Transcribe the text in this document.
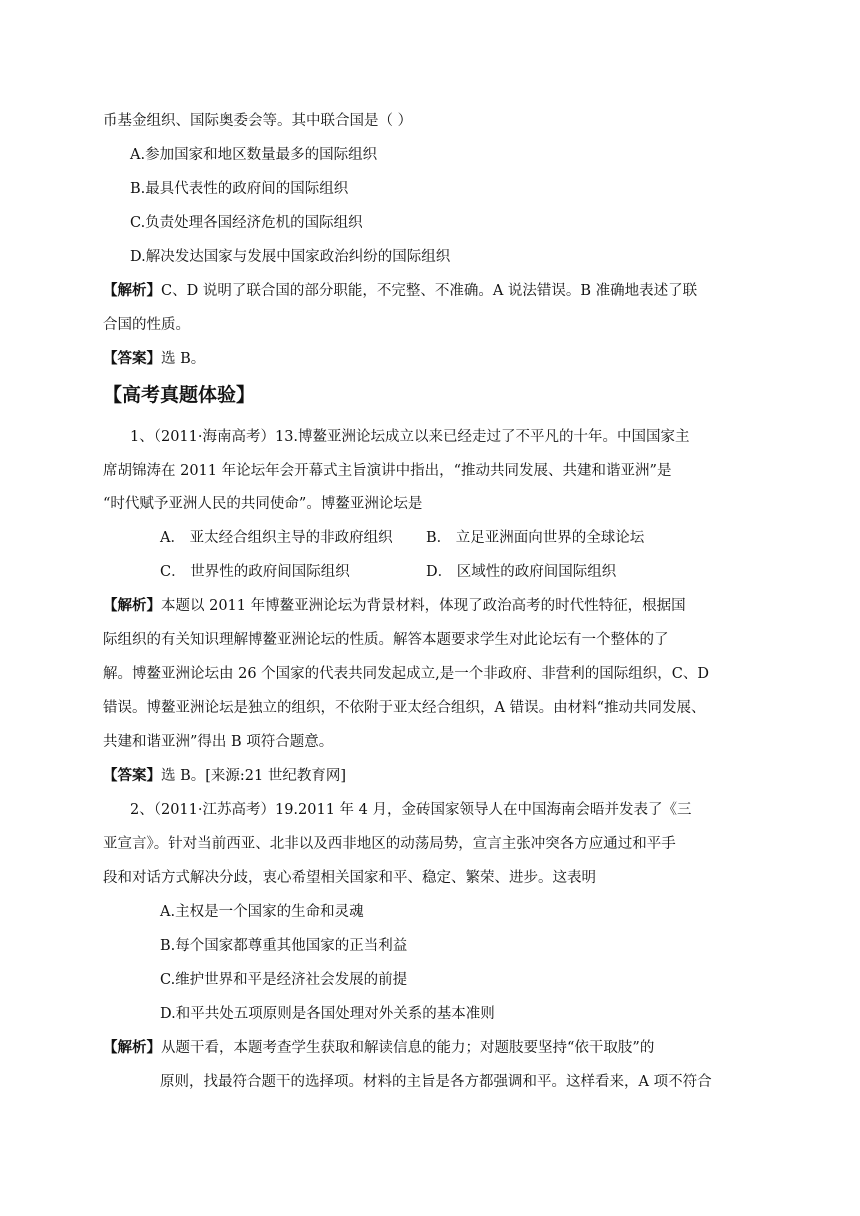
币基金组织、国际奥委会等。其中联合国是（ ）
A.参加国家和地区数量最多的国际组织
B.最具代表性的政府间的国际组织
C.负责处理各国经济危机的国际组织
D.解决发达国家与发展中国家政治纠纷的国际组织
【解析】C、D 说明了联合国的部分职能，不完整、不准确。A 说法错误。B 准确地表述了联
合国的性质。
【答案】选 B。
【高考真题体验】
1、（2011·海南高考）13.博鳌亚洲论坛成立以来已经走过了不平凡的十年。中国国家主
席胡锦涛在 2011 年论坛年会开幕式主旨演讲中指出，“推动共同发展、共建和谐亚洲”是
“时代赋予亚洲人民的共同使命”。博鳌亚洲论坛是
A． 亚太经合组织主导的非政府组织 B． 立足亚洲面向世界的全球论坛
C． 世界性的政府间国际组织	D． 区域性的政府间国际组织
【解析】本题以 2011 年博鳌亚洲论坛为背景材料，体现了政治高考的时代性特征，根据国
际组织的有关知识理解博鳌亚洲论坛的性质。解答本题要求学生对此论坛有一个整体的了
解。博鳌亚洲论坛由 26 个国家的代表共同发起成立,是一个非政府、非营利的国际组织，C、D
错误。博鳌亚洲论坛是独立的组织，不依附于亚太经合组织，A 错误。由材料“推动共同发展、
共建和谐亚洲”得出 B 项符合题意。
【答案】选 B。[来源:21 世纪教育网]
2、（2011·江苏高考）19.2011 年 4 月，金砖国家领导人在中国海南会晤并发表了《三
亚宣言》。针对当前西亚、北非以及西非地区的动荡局势，宣言主张冲突各方应通过和平手
段和对话方式解决分歧，衷心希望相关国家和平、稳定、繁荣、进步。这表明
A.主权是一个国家的生命和灵魂
B.每个国家都尊重其他国家的正当利益
C.维护世界和平是经济社会发展的前提
D.和平共处五项原则是各国处理对外关系的基本准则
【解析】从题干看，本题考查学生获取和解读信息的能力；对题肢要坚持“依干取肢”的
原则，找最符合题干的选择项。材料的主旨是各方都强调和平。这样看来，A 项不符合
